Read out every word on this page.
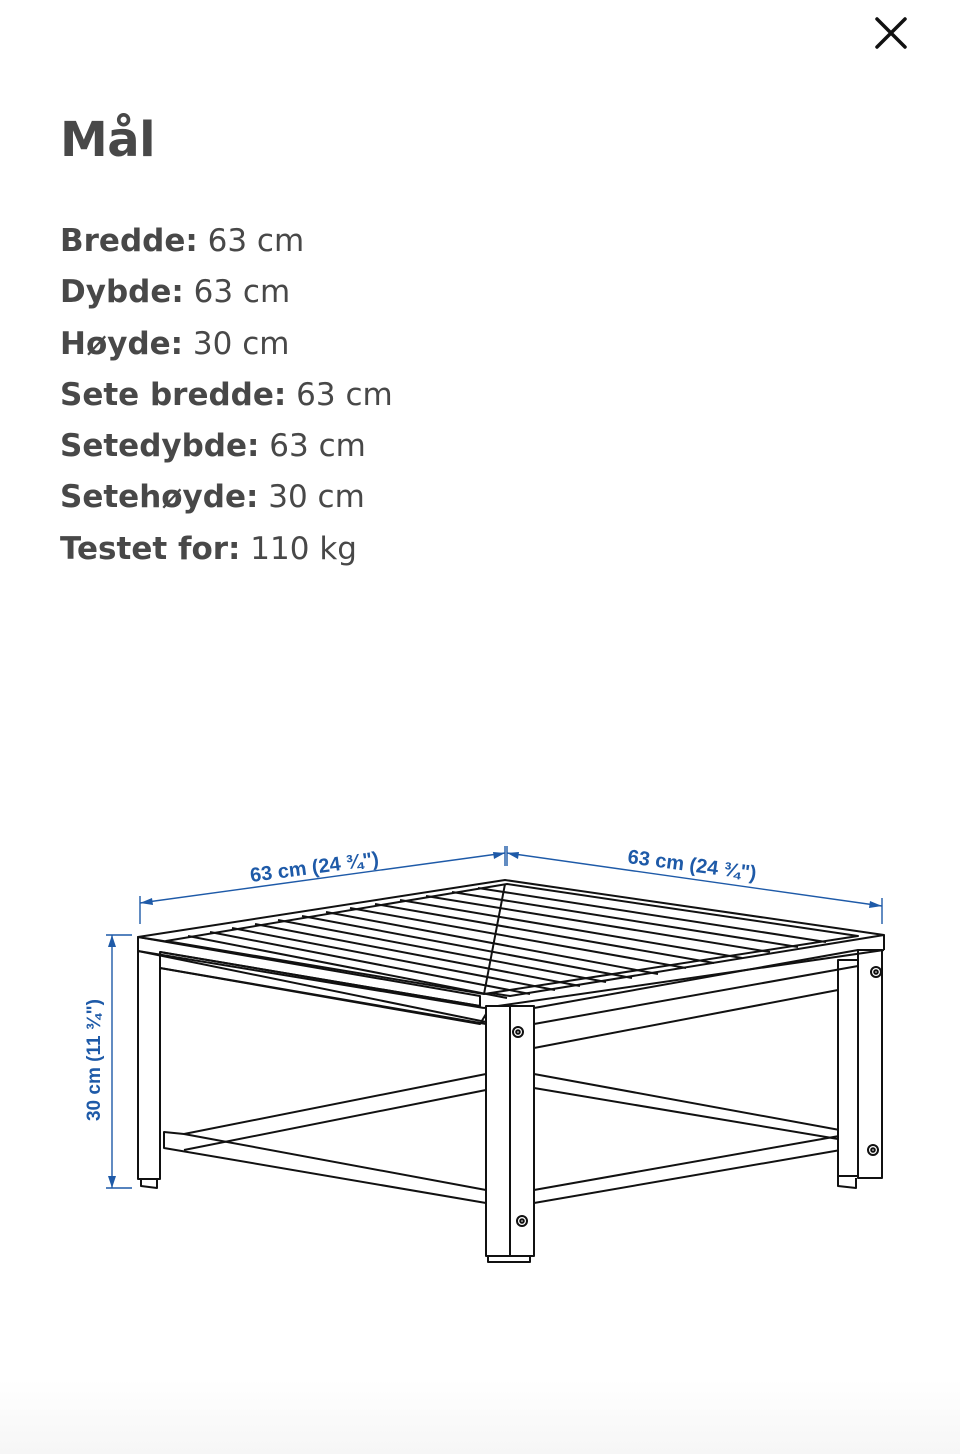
Mål
Bredde: 63 cm
Dybde: 63 cm
Høyde: 30 cm
Sete bredde: 63 cm
Setedybde: 63 cm
Setehøyde: 30 cm
Testet for: 110 kg
63 cm (24 ¾")	63 cm (24 ¾")
30 cm (11 ¾")
